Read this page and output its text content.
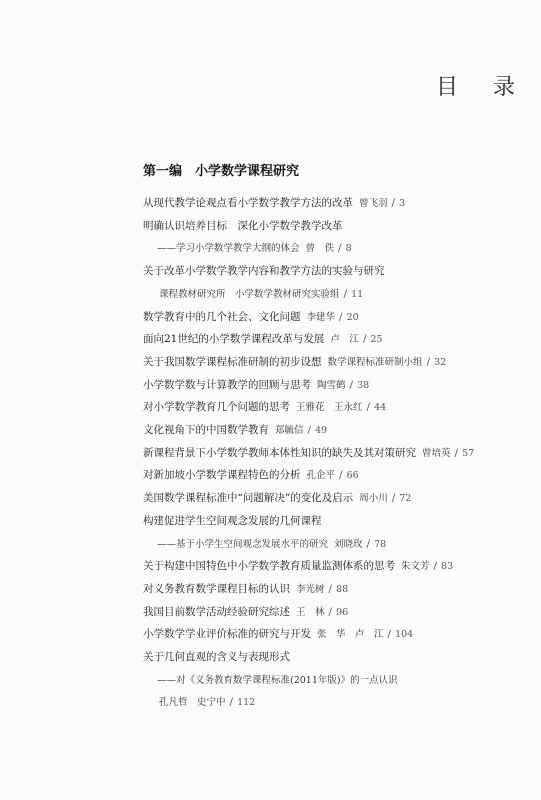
目 录
第一编　小学数学课程研究
从现代教学论观点看小学数学教学方法的改革 曾飞羽 / 3
明确认识培养目标　深化小学数学教学改革
——学习小学数学教学大纲的体会 曾　佚 / 8
关于改革小学数学教学内容和教学方法的实验与研究
课程教材研究所　小学数学教材研究实验组 / 11
数学教育中的几个社会、文化问题 李建华 / 20
面向21世纪的小学数学课程改革与发展 卢　江 / 25
关于我国数学课程标准研制的初步设想 数学课程标准研制小组 / 32
小学数学数与计算教学的回顾与思考 陶雪鹤 / 38
对小学数学教育几个问题的思考 王雅花　王永红 / 44
文化视角下的中国数学教育 郑毓信 / 49
新课程背景下小学数学教师本体性知识的缺失及其对策研究 曾培英 / 57
对新加坡小学数学课程特色的分析 孔企平 / 66
美国数学课程标准中“问题解决”的变化及启示 周小川 / 72
构建促进学生空间观念发展的几何课程
——基于小学生空间观念发展水平的研究 刘晓玫 / 78
关于构建中国特色中小学数学教育质量监测体系的思考 朱文芳 / 83
对义务教育数学课程目标的认识 李光树 / 88
我国目前数学活动经验研究综述 王　林 / 96
小学数学学业评价标准的研究与开发 张　华　卢　江 / 104
关于几何直观的含义与表现形式
——对《义务教育数学课程标准(2011年版)》的一点认识
孔凡哲　史宁中 / 112
